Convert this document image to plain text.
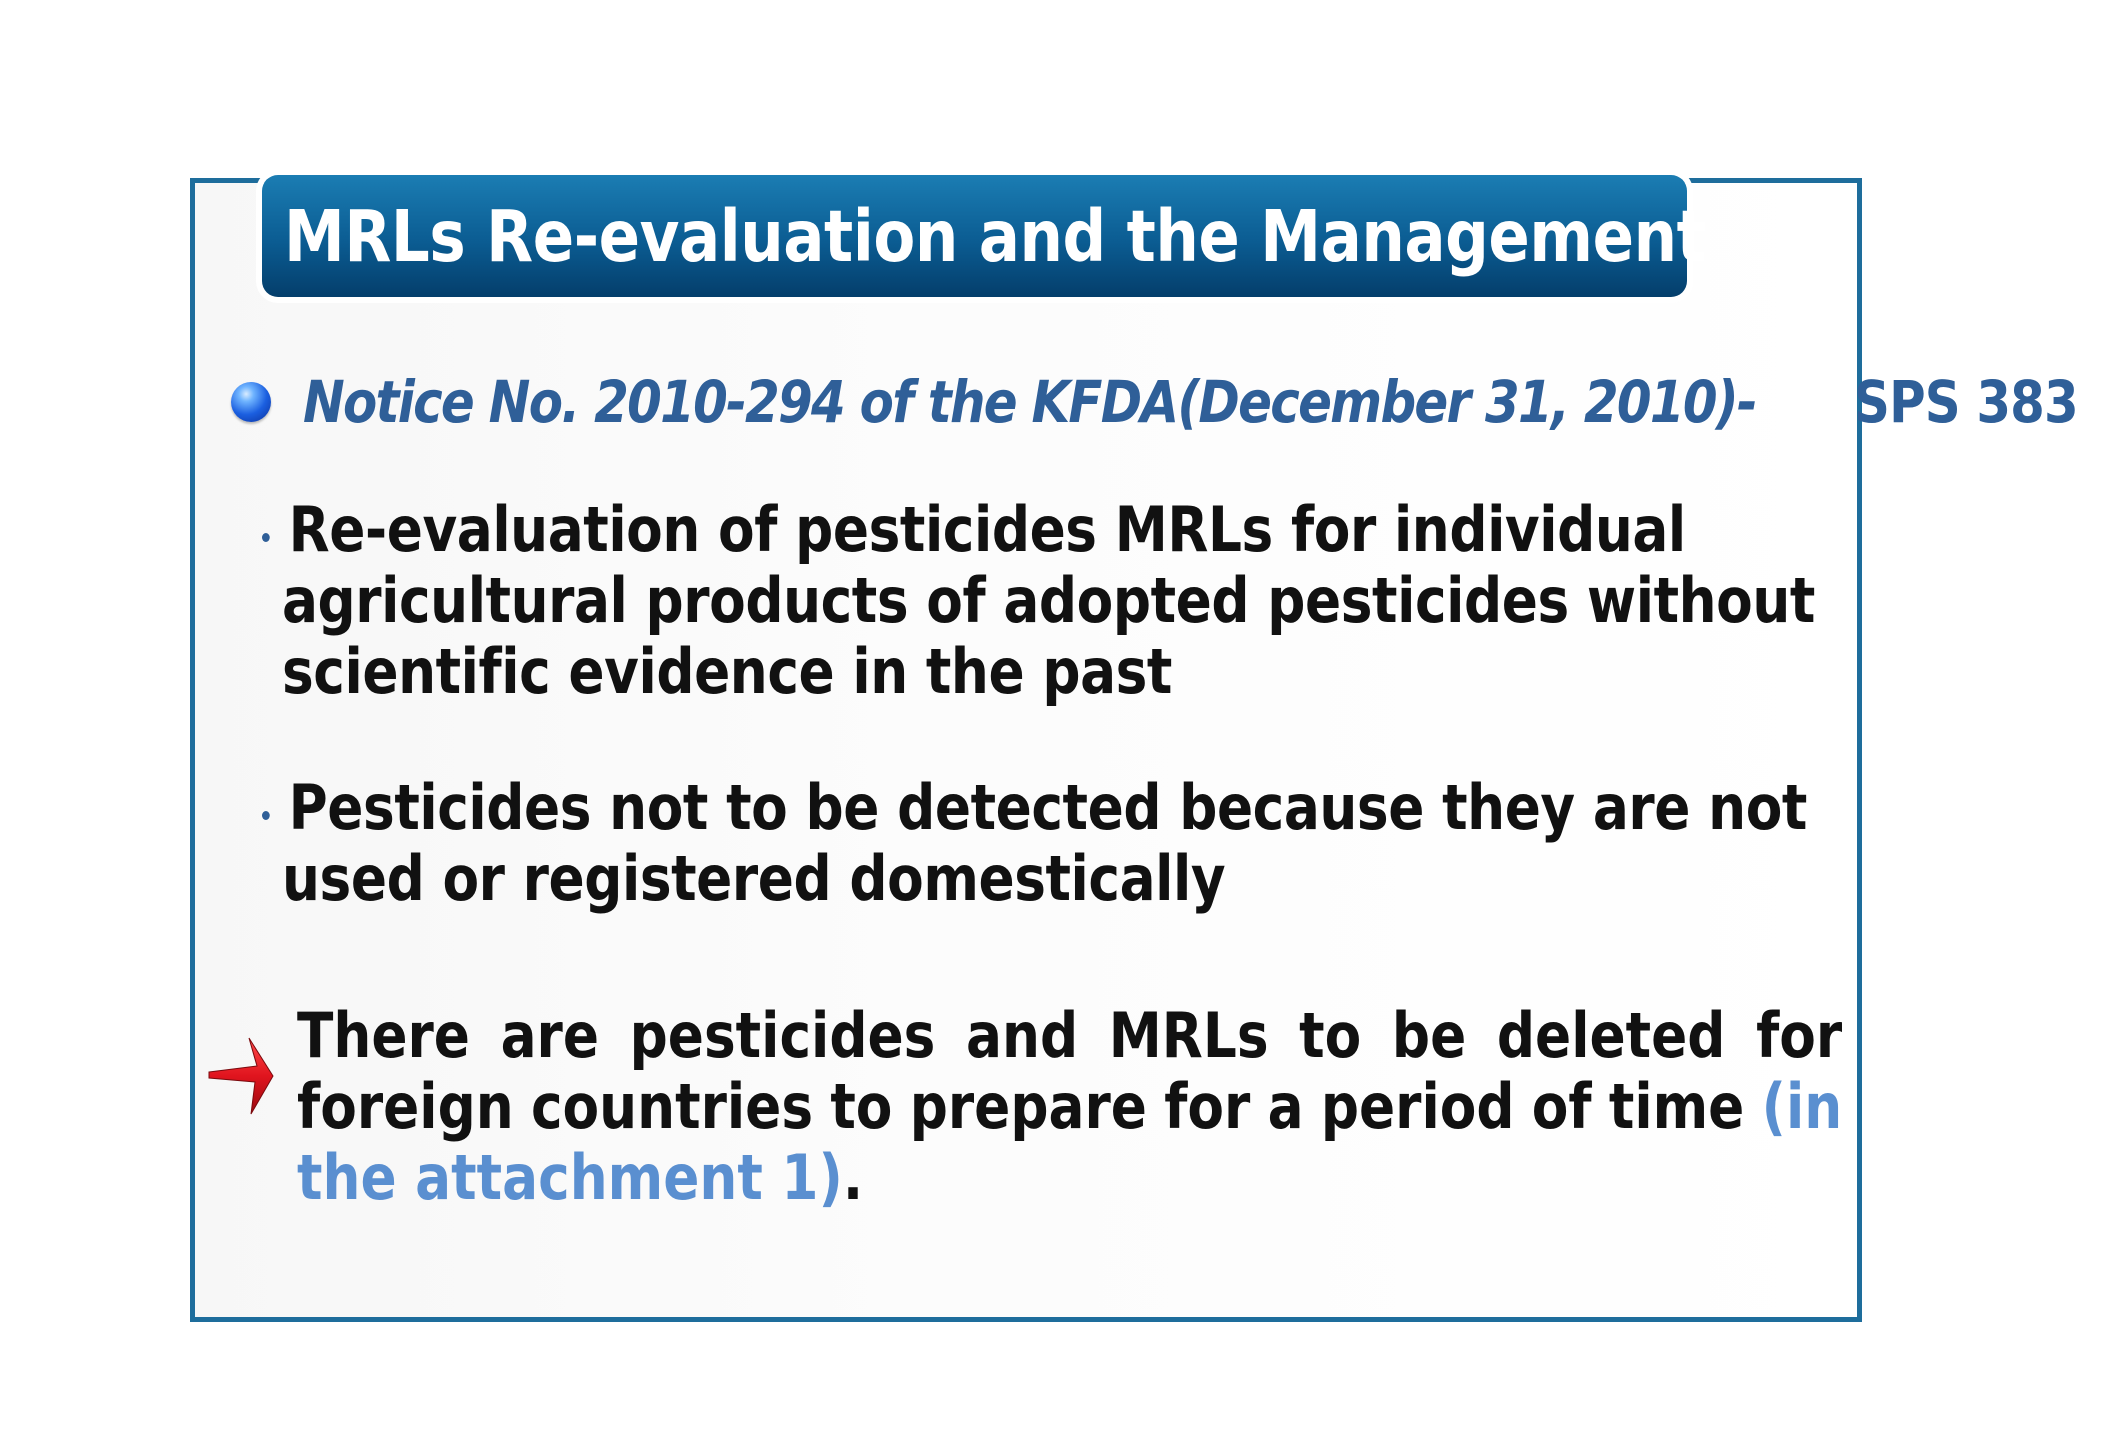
MRLs Re-evaluation and the Management
Notice No. 2010-294 of the KFDA(December 31, 2010)- SPS 383
Re-evaluation of pesticides MRLs for individual
agricultural products of adopted pesticides without
scientific evidence in the past
Pesticides not to be detected because they are not
used or registered domestically
There are pesticides and MRLs to be deleted for
foreign countries to prepare for a period of time (in
the attachment 1) .
